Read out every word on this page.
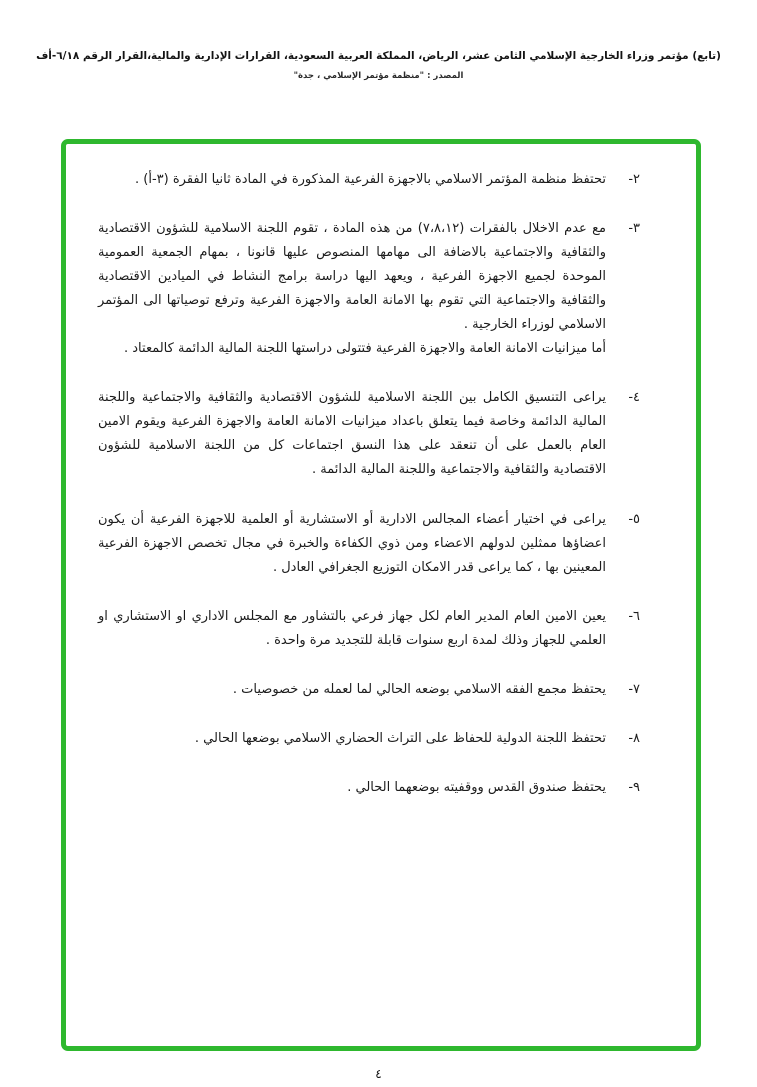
(تابع) مؤتمر وزراء الخارجية الإسلامي الثامن عشر، الرياض، المملكة العربية السعودية، القرارات الإدارية والمالية،القرار الرقم ٦/١٨-أف
المصدر : "منظمة مؤتمر الإسلامي ، جدة"
٢-

تحتفظ منظمة المؤتمر الاسلامي بالاجهزة الفرعية المذكورة في المادة ثانيا الفقرة (٣-أ) .

٣-

مع عدم الاخلال بالفقرات (٧،٨،١٢) من هذه المادة ، تقوم اللجنة الاسلامية للشؤون الاقتصادية والثقافية والاجتماعية بالاضافة الى مهامها المنصوص عليها قانونا ، بمهام الجمعية العمومية الموحدة لجميع الاجهزة الفرعية ، ويعهد اليها دراسة برامج النشاط في الميادين الاقتصادية والثقافية والاجتماعية التي تقوم بها الامانة العامة والاجهزة الفرعية وترفع توصياتها الى المؤتمر الاسلامي لوزراء الخارجية .

أما ميزانيات الامانة العامة والاجهزة الفرعية فتتولى دراستها اللجنة المالية الدائمة كالمعتاد .

٤-

يراعى التنسيق الكامل بين اللجنة الاسلامية للشؤون الاقتصادية والثقافية والاجتماعية واللجنة المالية الدائمة وخاصة فيما يتعلق باعداد ميزانيات الامانة العامة والاجهزة الفرعية ويقوم الامين العام بالعمل على أن تنعقد على هذا النسق اجتماعات كل من اللجنة الاسلامية للشؤون الاقتصادية والثقافية والاجتماعية واللجنة المالية الدائمة .

٥-

يراعى في اختيار أعضاء المجالس الادارية أو الاستشارية أو العلمية للاجهزة الفرعية أن يكون اعضاؤها ممثلين لدولهم الاعضاء ومن ذوي الكفاءة والخبرة في مجال تخصص الاجهزة الفرعية المعينين بها ، كما يراعى قدر الامكان التوزيع الجغرافي العادل .

٦-

يعين الامين العام المدير العام لكل جهاز فرعي بالتشاور مع المجلس الاداري او الاستشاري او العلمي للجهاز وذلك لمدة اربع سنوات قابلة للتجديد مرة واحدة .

٧-

يحتفظ مجمع الفقه الاسلامي بوضعه الحالي لما لعمله من خصوصيات .

٨-

تحتفظ اللجنة الدولية للحفاظ على التراث الحضاري الاسلامي بوضعها الحالي .

٩-

يحتفظ صندوق القدس ووقفيته بوضعهما الحالي .

٤
